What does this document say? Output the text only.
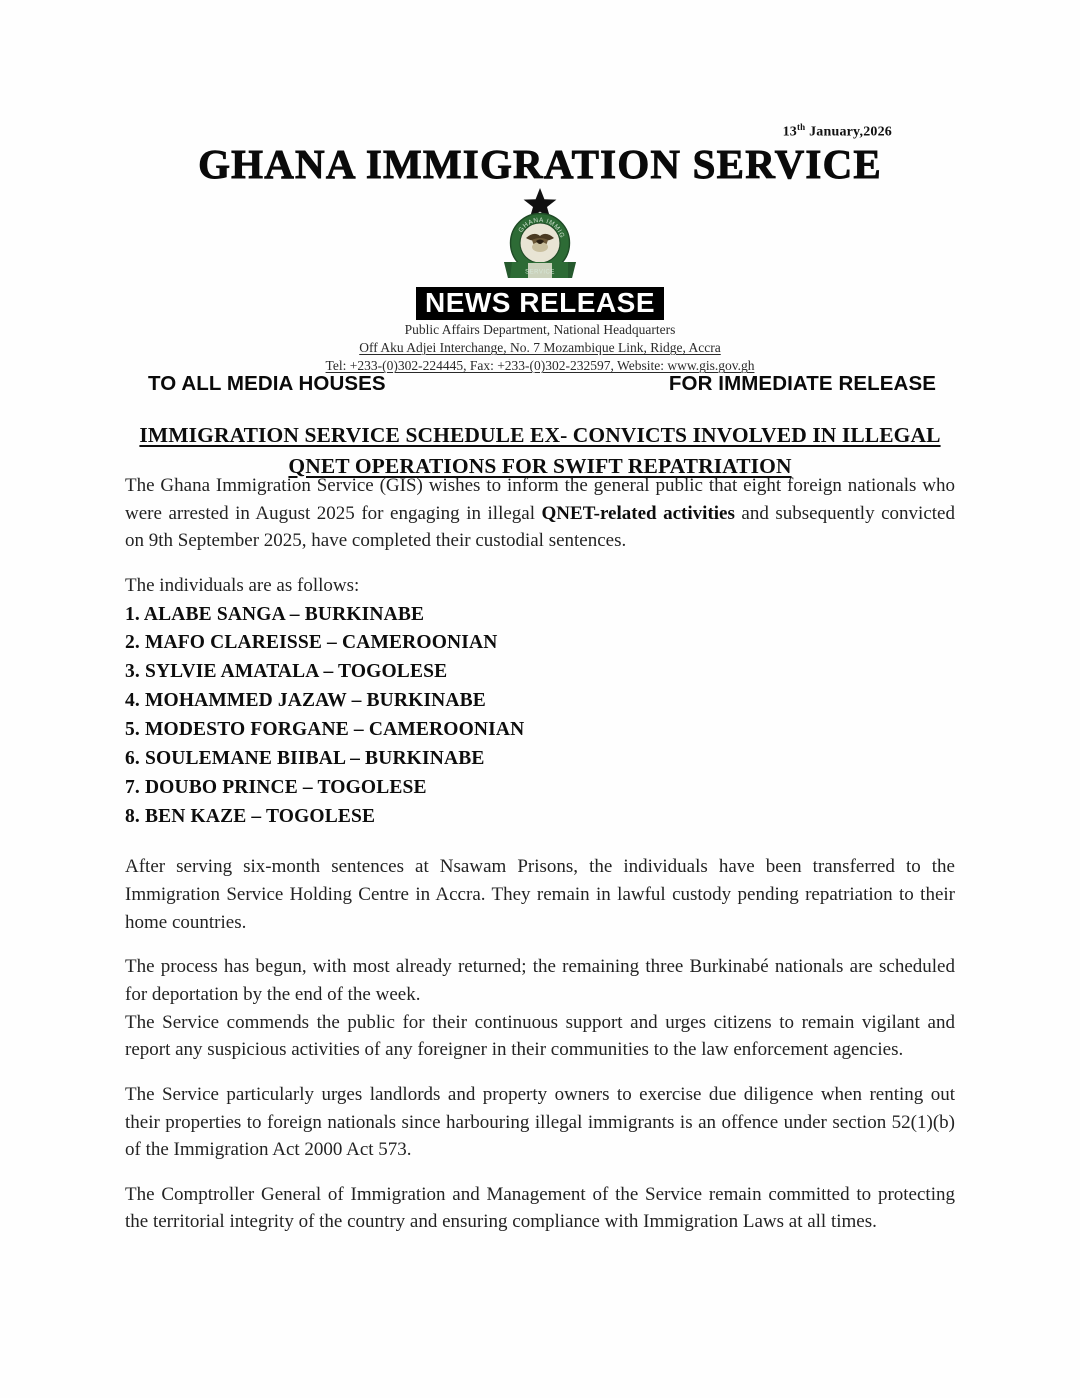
13th January,2026
GHANA IMMIGRATION SERVICE
GHANA IMMIG
SERVICE
NEWS RELEASE
Public Affairs Department, National Headquarters
Off Aku Adjei Interchange, No. 7 Mozambique Link, Ridge, Accra
Tel: +233-(0)302-224445, Fax: +233-(0)302-232597, Website: www.gis.gov.gh
TO ALL MEDIA HOUSES	FOR IMMEDIATE RELEASE
IMMIGRATION SERVICE SCHEDULE EX- CONVICTS INVOLVED IN ILLEGAL
QNET OPERATIONS FOR SWIFT REPATRIATION

The Ghana Immigration Service (GIS) wishes to inform the general public that eight foreign nationals who were arrested in August 2025 for engaging in illegal QNET-related activities and subsequently convicted on 9th September 2025, have completed their custodial sentences.

The individuals are as follows:

1. ALABE SANGA – BURKINABE
2. MAFO CLAREISSE – CAMEROONIAN
3. SYLVIE AMATALA – TOGOLESE
4. MOHAMMED JAZAW – BURKINABE
5. MODESTO FORGANE – CAMEROONIAN
6. SOULEMANE BIIBAL – BURKINABE
7. DOUBO PRINCE – TOGOLESE
8. BEN KAZE – TOGOLESE

After serving six-month sentences at Nsawam Prisons, the individuals have been transferred to the Immigration Service Holding Centre in Accra. They remain in lawful custody pending repatriation to their home countries.

The process has begun, with most already returned; the remaining three Burkinabé nationals are scheduled for deportation by the end of the week.

The Service commends the public for their continuous support and urges citizens to remain vigilant and report any suspicious activities of any foreigner in their communities to the law enforcement agencies.

The Service particularly urges landlords and property owners to exercise due diligence when renting out their properties to foreign nationals since harbouring illegal immigrants is an offence under section 52(1)(b) of the Immigration Act 2000 Act 573.

The Comptroller General of Immigration and Management of the Service remain committed to protecting the territorial integrity of the country and ensuring compliance with Immigration Laws at all times.
